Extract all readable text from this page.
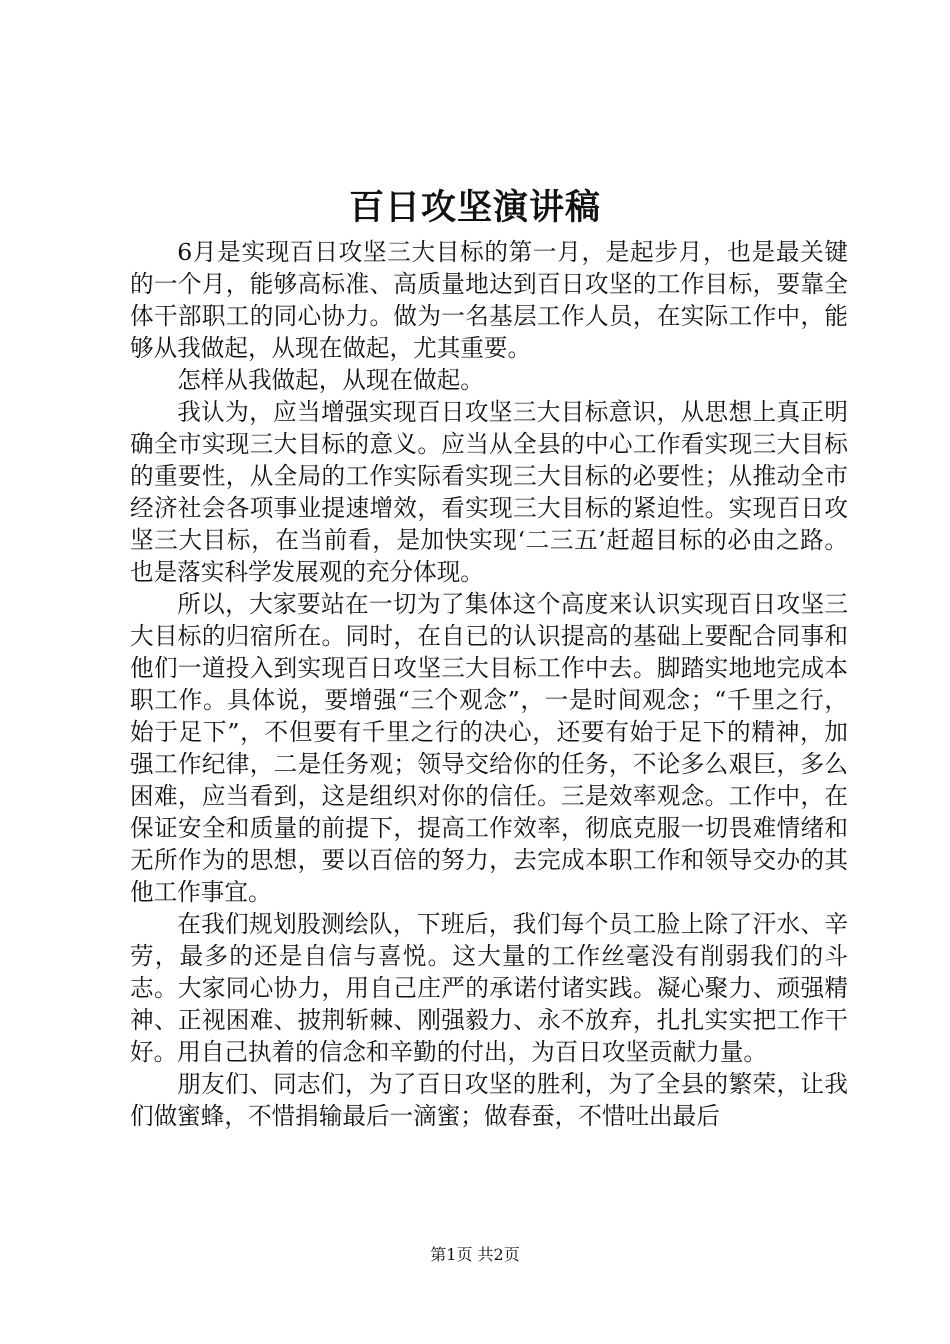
百日攻坚演讲稿

6月是实现百日攻坚三大目标的第一月，是起步月，也是最关键的一个月，能够高标准、高质量地达到百日攻坚的工作目标，要靠全体干部职工的同心协力。做为一名基层工作人员，在实际工作中，能够从我做起，从现在做起，尤其重要。

怎样从我做起，从现在做起。

我认为，应当增强实现百日攻坚三大目标意识，从思想上真正明确全市实现三大目标的意义。应当从全县的中心工作看实现三大目标的重要性，从全局的工作实际看实现三大目标的必要性；从推动全市经济社会各项事业提速增效，看实现三大目标的紧迫性。实现百日攻坚三大目标，在当前看，是加快实现‘二三五’赶超目标的必由之路。也是落实科学发展观的充分体现。

所以，大家要站在一切为了集体这个高度来认识实现百日攻坚三大目标的归宿所在。同时，在自已的认识提高的基础上要配合同事和他们一道投入到实现百日攻坚三大目标工作中去。脚踏实地地完成本职工作。具体说，要增强“三个观念”，一是时间观念；“千里之行，始于足下”，不但要有千里之行的决心，还要有始于足下的精神，加强工作纪律，二是任务观；领导交给你的任务，不论多么艰巨，多么困难，应当看到，这是组织对你的信任。三是效率观念。工作中，在保证安全和质量的前提下，提高工作效率，彻底克服一切畏难情绪和无所作为的思想，要以百倍的努力，去完成本职工作和领导交办的其他工作事宜。

在我们规划股测绘队，下班后，我们每个员工脸上除了汗水、辛劳，最多的还是自信与喜悦。这大量的工作丝毫没有削弱我们的斗志。大家同心协力，用自己庄严的承诺付诸实践。凝心聚力、顽强精神、正视困难、披荆斩棘、刚强毅力、永不放弃，扎扎实实把工作干好。用自己执着的信念和辛勤的付出，为百日攻坚贡献力量。

朋友们、同志们，为了百日攻坚的胜利，为了全县的繁荣，让我们做蜜蜂，不惜捐输最后一滴蜜；做春蚕，不惜吐出最后

第1页 共2页
